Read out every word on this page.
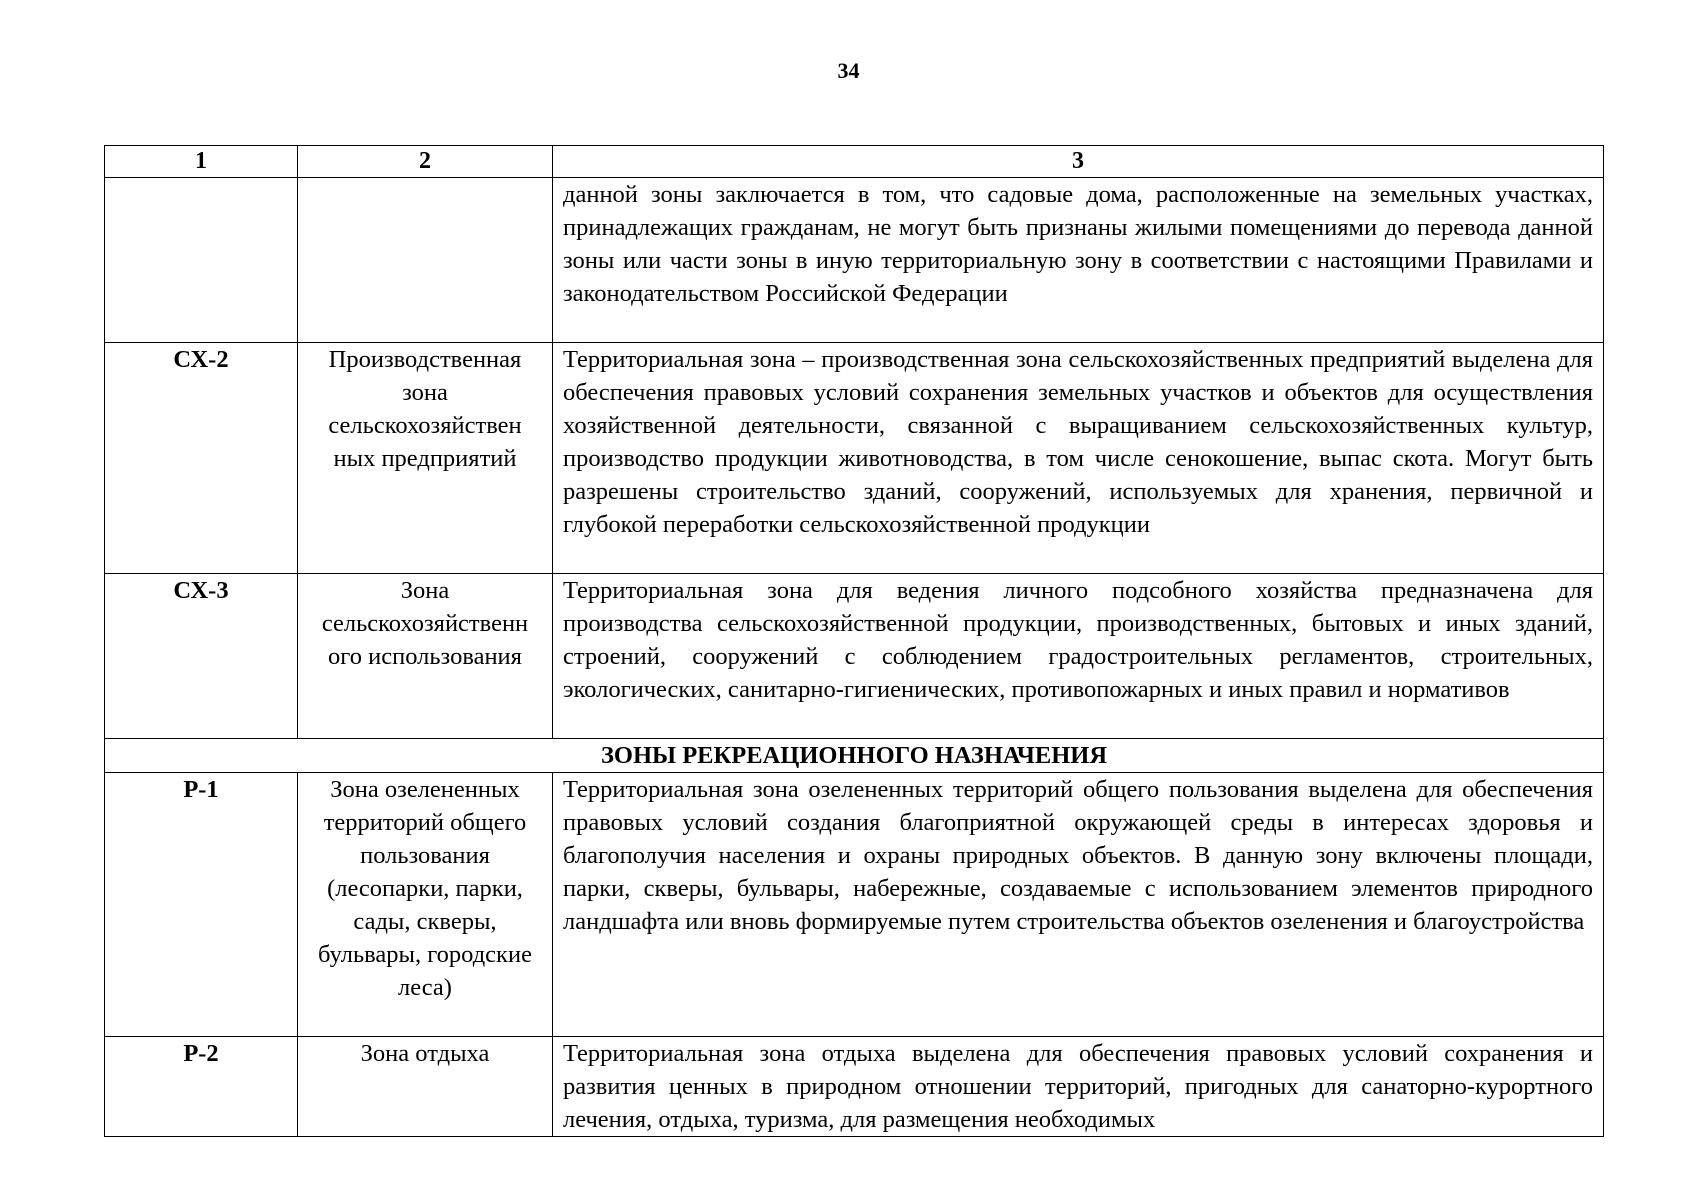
34
1	2	3
		данной зоны заключается в том, что садовые дома, расположенные на земельных участках, принадлежащих гражданам, не могут быть признаны жилыми помещениями до перевода данной зоны или части зоны в иную территориальную зону в соответствии с настоящими Правилами и законодательством Российской Федерации
СХ-2	Производственная зона сельскохозяйствен ных предприятий	Территориальная зона – производственная зона сельскохозяйственных предприятий выделена для обеспечения правовых условий сохранения земельных участков и объектов для осуществления хозяйственной деятельности, связанной с выращиванием сельскохозяйственных культур, производство продукции животноводства, в том числе сенокошение, выпас скота. Могут быть разрешены строительство зданий, сооружений, используемых для хранения, первичной и глубокой переработки сельскохозяйственной продукции
СХ-3	Зона сельскохозяйственн ого использования	Территориальная зона для ведения личного подсобного хозяйства предназначена для производства сельскохозяйственной продукции, производственных, бытовых и иных зданий, строений, сооружений с соблюдением градостроительных регламентов, строительных, экологических, санитарно-гигиенических, противопожарных и иных правил и нормативов
ЗОНЫ РЕКРЕАЦИОННОГО НАЗНАЧЕНИЯ		
Р-1	Зона озелененных территорий общего пользования (лесопарки, парки, сады, скверы, бульвары, городские леса)	Территориальная зона озелененных территорий общего пользования выделена для обеспечения правовых условий создания благоприятной окружающей среды в интересах здоровья и благополучия населения и охраны природных объектов. В данную зону включены площади, парки, скверы, бульвары, набережные, создаваемые с использованием элементов природного ландшафта или вновь формируемые путем строительства объектов озеленения и благоустройства
Р-2	Зона отдыха	Территориальная зона отдыха выделена для обеспечения правовых условий сохранения и развития ценных в природном отношении территорий, пригодных для санаторно-курортного лечения, отдыха, туризма, для размещения необходимых
